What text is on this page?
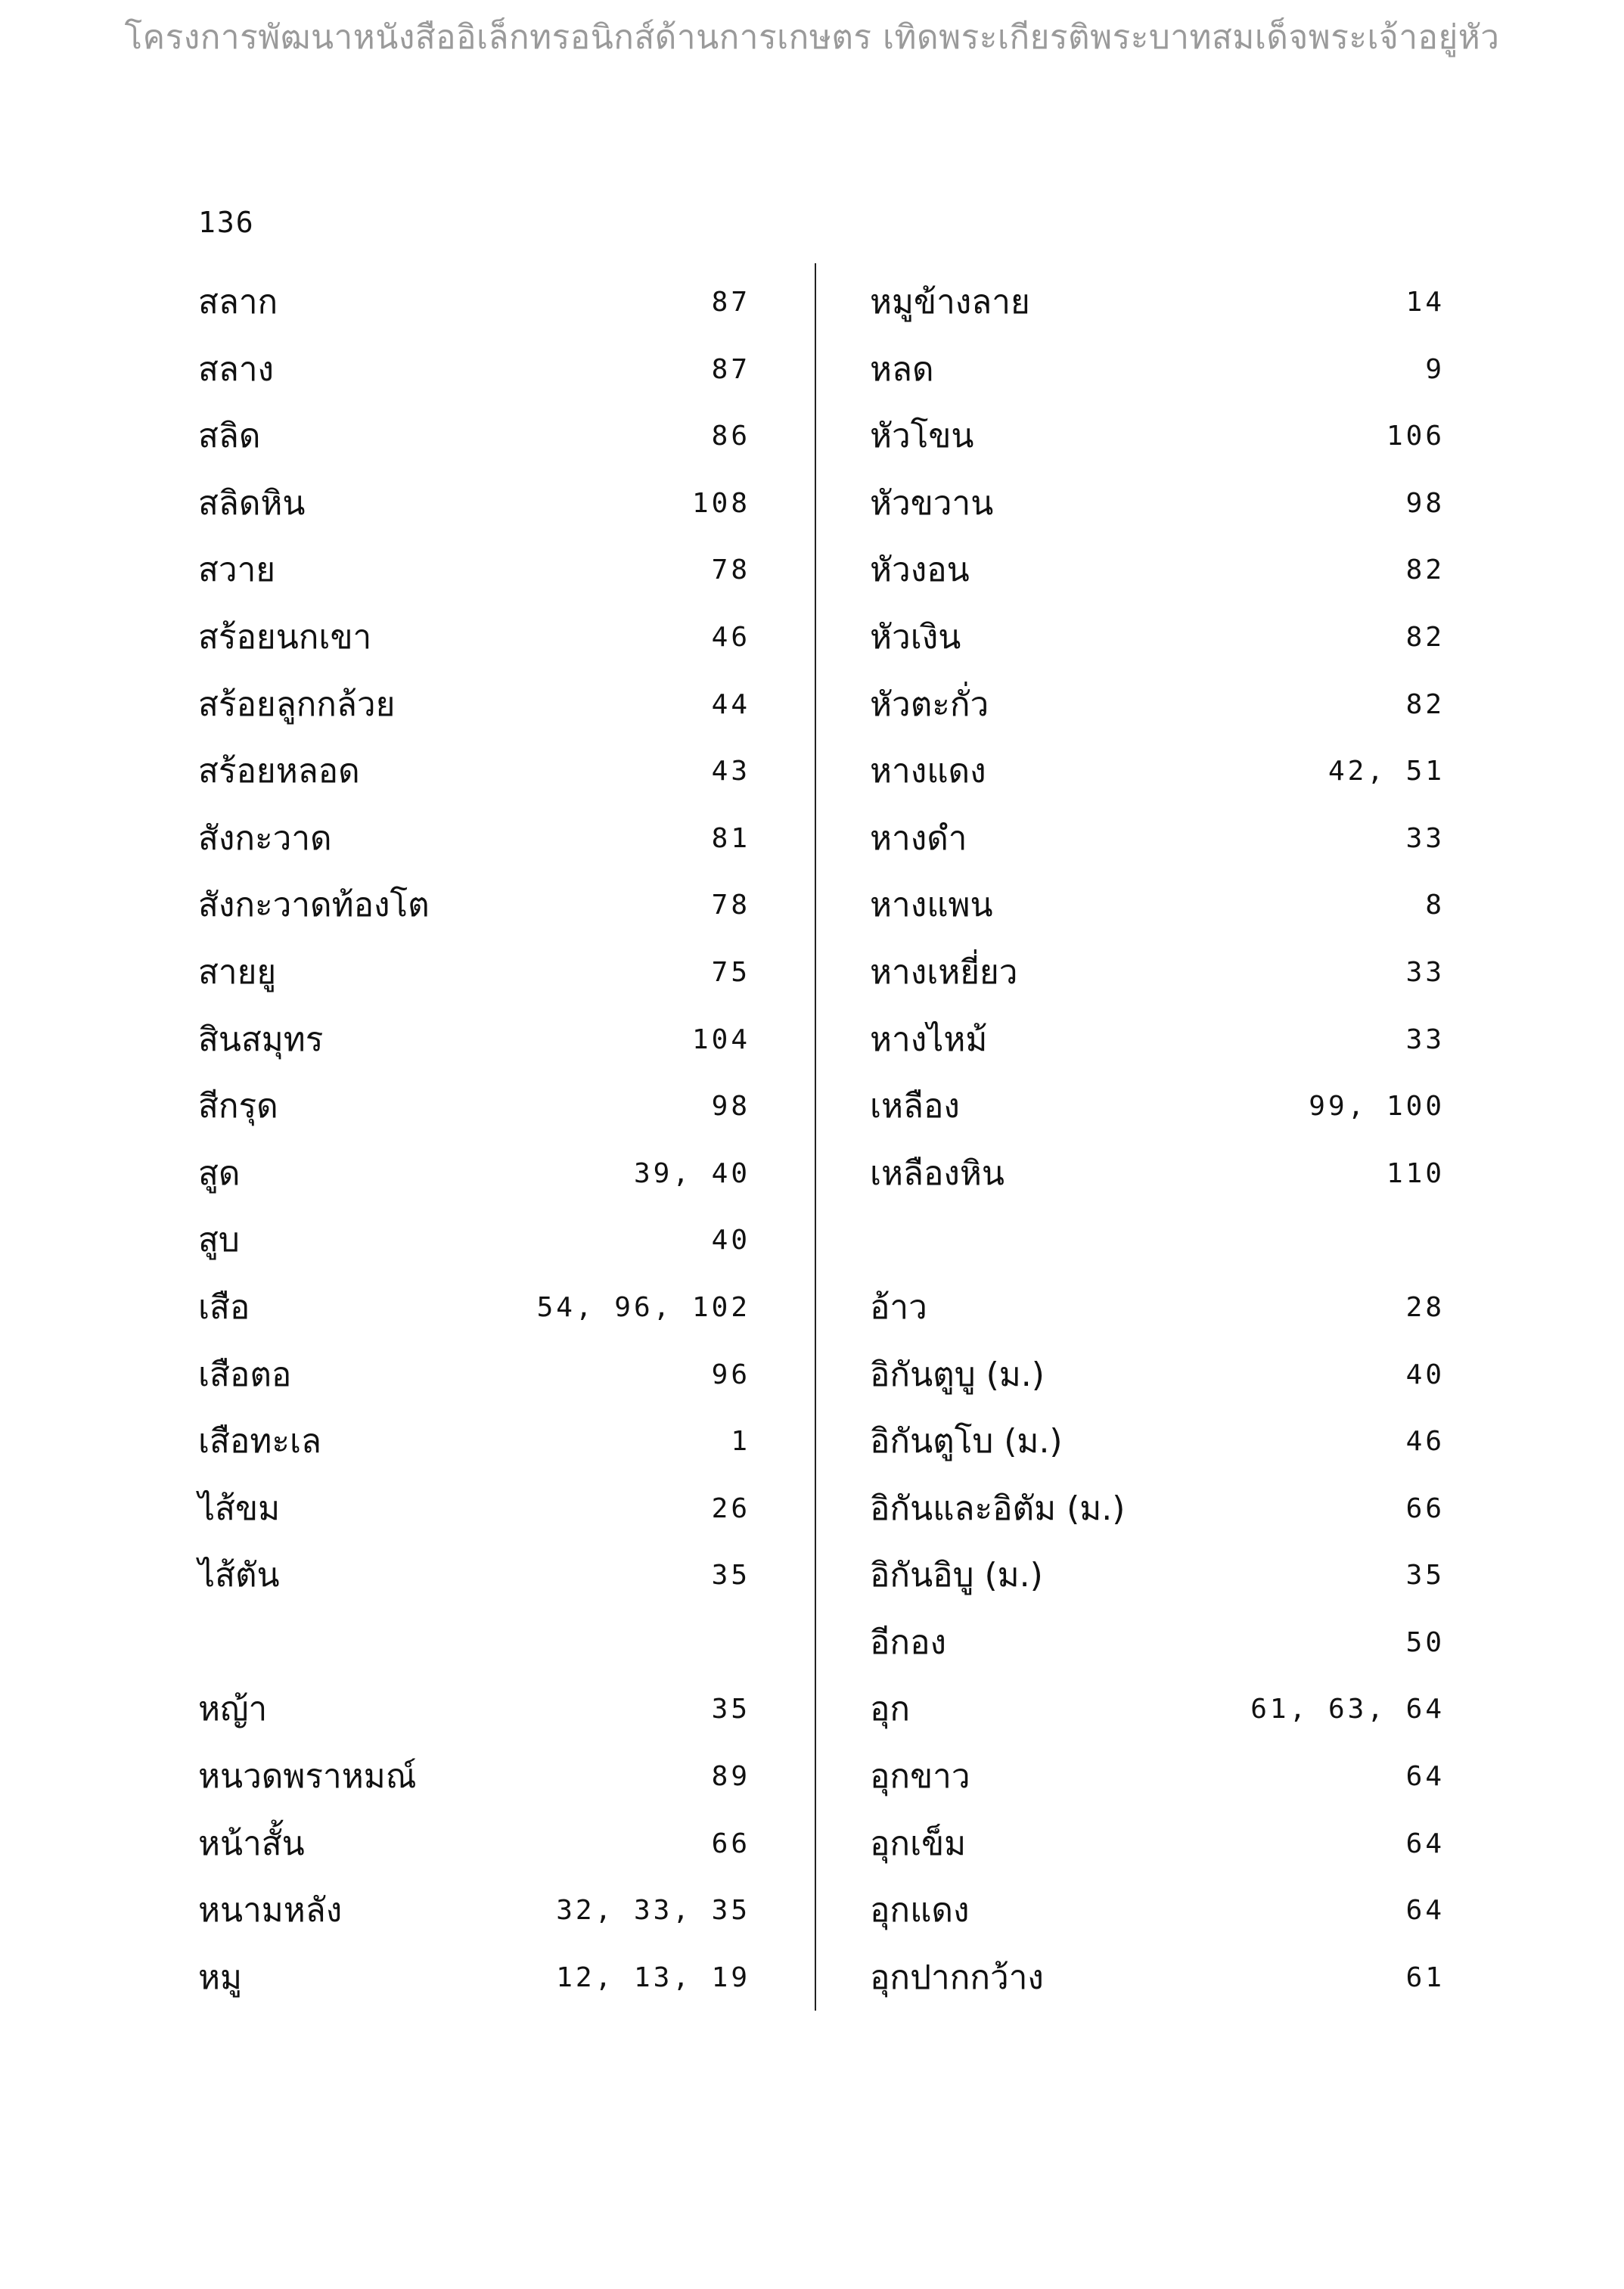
โครงการพัฒนาหนังสืออิเล็กทรอนิกส์ด้านการเกษตร เทิดพระเกียรติพระบาทสมเด็จพระเจ้าอยู่หัว
136
สลาก	87
สลาง	87
สลิด	86
สลิดหิน	108
สวาย	78
สร้อยนกเขา	46
สร้อยลูกกล้วย	44
สร้อยหลอด	43
สังกะวาด	81
สังกะวาดท้องโต	78
สายยู	75
สินสมุทร	104
สีกรุด	98
สูด	39, 40
สูบ	40
เสือ	54, 96, 102
เสือตอ	96
เสือทะเล	1
ไส้ขม	26
ไส้ตัน	35
หญ้า	35
หนวดพราหมณ์	89
หน้าสั้น	66
หนามหลัง	32, 33, 35
หมู	12, 13, 19
หมูข้างลาย	14
หลด	9
หัวโขน	106
หัวขวาน	98
หัวงอน	82
หัวเงิน	82
หัวตะกั่ว	82
หางแดง	42, 51
หางดำ	33
หางแพน	8
หางเหยี่ยว	33
หางไหม้	33
เหลือง	99, 100
เหลืองหิน	110
อ้าว	28
อิกันตูบู (ม.)	40
อิกันตูโบ (ม.)	46
อิกันและอิตัม (ม.)	66
อิกันอิบู (ม.)	35
อีกอง	50
อุก	61, 63, 64
อุกขาว	64
อุกเข็ม	64
อุกแดง	64
อุกปากกว้าง	61
